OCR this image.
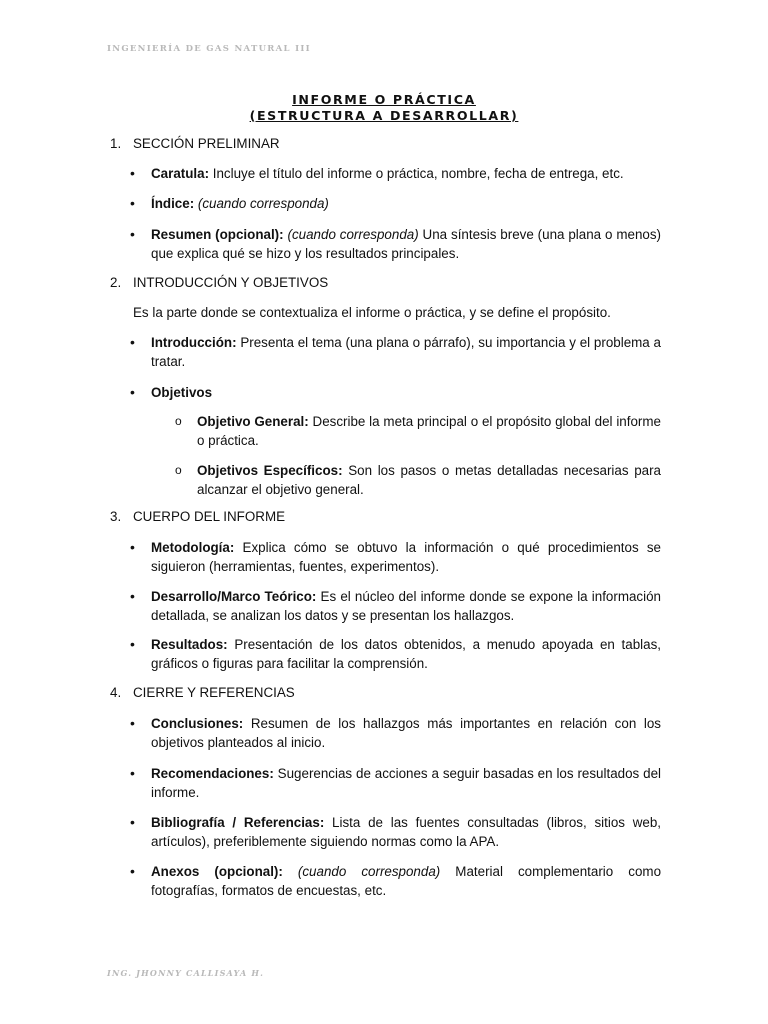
INGENIERÍA DE GAS NATURAL III
INFORME O PRÁCTICA
(ESTRUCTURA A DESARROLLAR)
1. SECCIÓN PRELIMINAR
• Caratula: Incluye el título del informe o práctica, nombre, fecha de entrega, etc.
• Índice: (cuando corresponda)
• Resumen (opcional): (cuando corresponda) Una síntesis breve (una plana o menos) que explica qué se hizo y los resultados principales.
2. INTRODUCCIÓN Y OBJETIVOS
Es la parte donde se contextualiza el informe o práctica, y se define el propósito.
• Introducción: Presenta el tema (una plana o párrafo), su importancia y el problema a tratar.
• Objetivos
o Objetivo General: Describe la meta principal o el propósito global del informe o práctica.
o Objetivos Específicos: Son los pasos o metas detalladas necesarias para alcanzar el objetivo general.
3. CUERPO DEL INFORME
• Metodología: Explica cómo se obtuvo la información o qué procedimientos se siguieron (herramientas, fuentes, experimentos).
• Desarrollo/Marco Teórico: Es el núcleo del informe donde se expone la información detallada, se analizan los datos y se presentan los hallazgos.
• Resultados: Presentación de los datos obtenidos, a menudo apoyada en tablas, gráficos o figuras para facilitar la comprensión.
4. CIERRE Y REFERENCIAS
• Conclusiones: Resumen de los hallazgos más importantes en relación con los objetivos planteados al inicio.
• Recomendaciones: Sugerencias de acciones a seguir basadas en los resultados del informe.
• Bibliografía / Referencias: Lista de las fuentes consultadas (libros, sitios web, artículos), preferiblemente siguiendo normas como la APA.
• Anexos (opcional): (cuando corresponda) Material complementario como fotografías, formatos de encuestas, etc.
ING. JHONNY CALLISAYA H.
